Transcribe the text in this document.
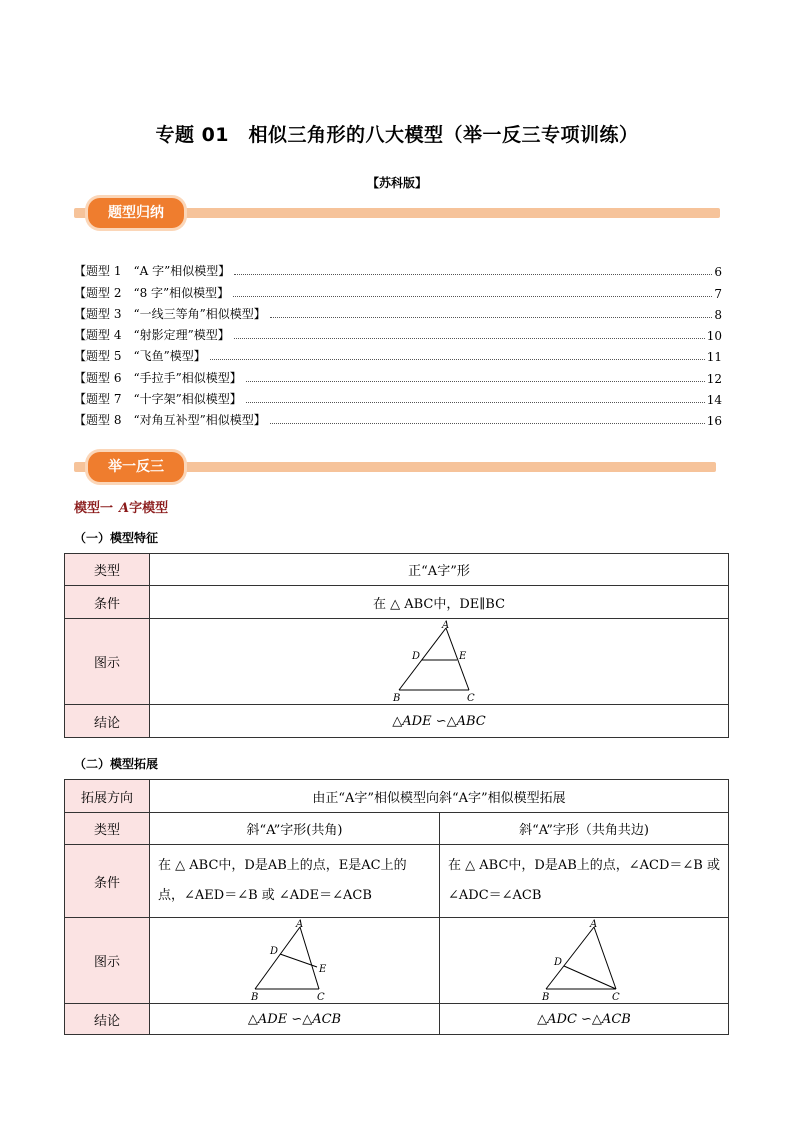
专题 01　相似三角形的八大模型（举一反三专项训练）
【苏科版】
题型归纳
【题型 1　“A 字”相似模型】	6
【题型 2　“8 字”相似模型】	7
【题型 3　“一线三等角”相似模型】	8
【题型 4　“射影定理”模型】	10
【题型 5　“飞鱼”模型】	11
【题型 6　“手拉手”相似模型】	12
【题型 7　“十字架”相似模型】	14
【题型 8　“对角互补型”相似模型】	16
举一反三
模型一 A字模型
（一）模型特征
类型	正“A字”形
条件	在 △ ABC中，DE∥BC
图示	A
D E
B C

结论	△ADE ∽△ABC
（二）模型拓展
拓展方向	由正“A字”相似模型向斜“A字”相似模型拓展	
类型	斜“A”字形(共角)	斜“A”字形（共角共边)
条件	在 △ ABC中，D是AB上的点，E是AC上的点，∠AED＝∠B 或 ∠ADE＝∠ACB	在 △ ABC中，D是AB上的点，∠ACD＝∠B 或 ∠ADC＝∠ACB
图示	A
D
E
B C	A
D
B C

结论	△ADE ∽△ACB	△ADC ∽△ACB
